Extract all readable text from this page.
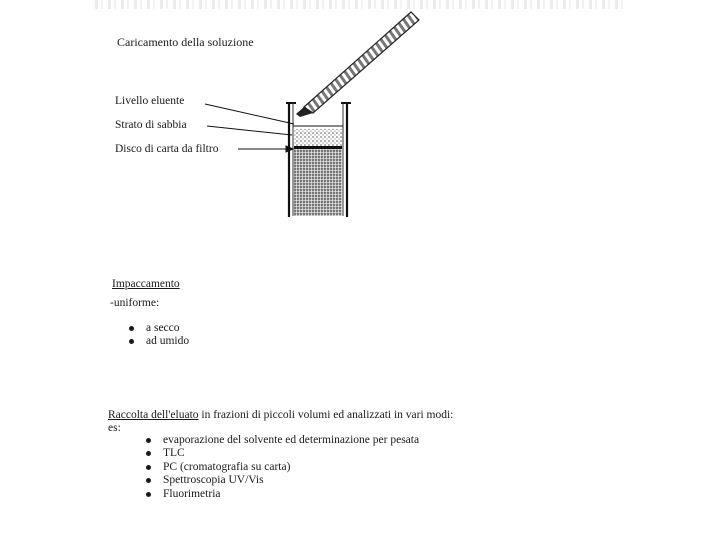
Caricamento della soluzione
Livello eluente
Strato di sabbia
Disco di carta da filtro
Impaccamento
-uniforme:
a secco
ad umido
Raccolta dell'eluato in frazioni di piccoli volumi ed analizzati in vari modi:
es:
evaporazione del solvente ed determinazione per pesata
TLC
PC (cromatografia su carta)
Spettroscopia UV/Vis
Fluorimetria
